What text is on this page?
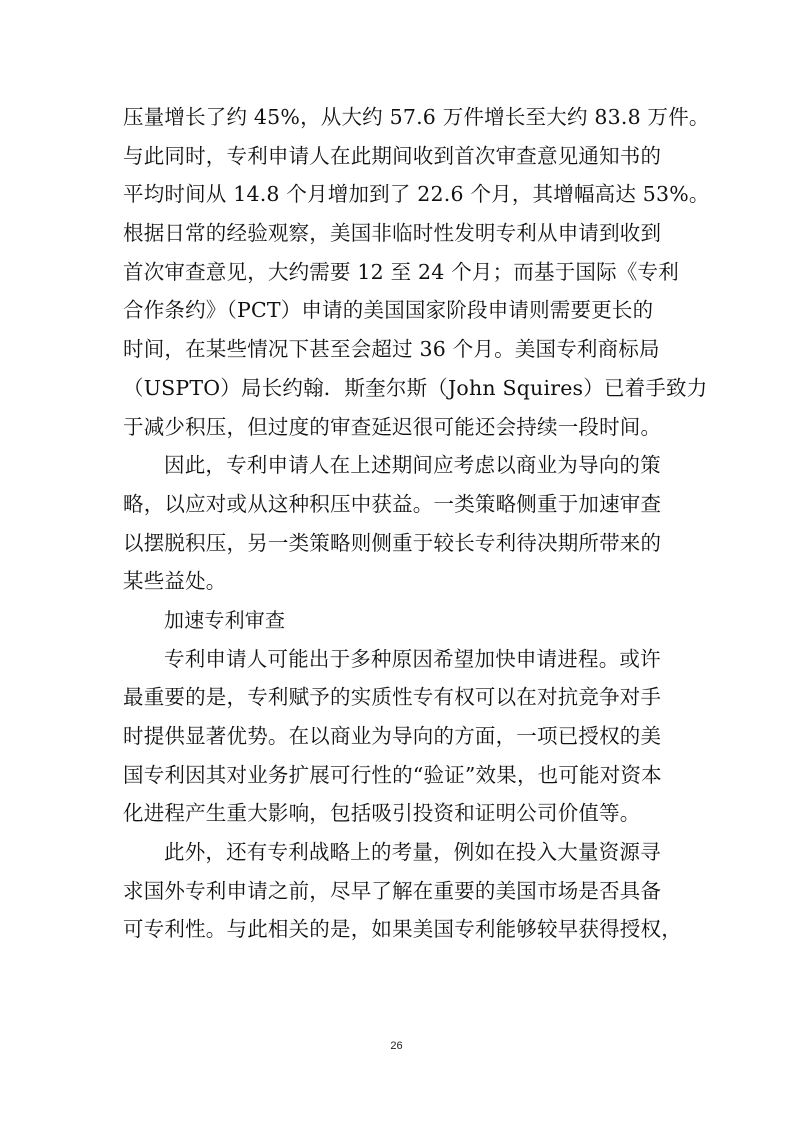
压量增长了约 45%，从大约 57.6 万件增长至大约 83.8 万件。
与此同时，专利申请人在此期间收到首次审查意见通知书的
平均时间从 14.8 个月增加到了 22.6 个月，其增幅高达 53%。
根据日常的经验观察，美国非临时性发明专利从申请到收到
首次审查意见，大约需要 12 至 24 个月；而基于国际《专利
合作条约》（PCT）申请的美国国家阶段申请则需要更长的
时间，在某些情况下甚至会超过 36 个月。美国专利商标局
（USPTO）局长约翰．斯奎尔斯（John Squires）已着手致力
于减少积压，但过度的审查延迟很可能还会持续一段时间。
因此，专利申请人在上述期间应考虑以商业为导向的策
略，以应对或从这种积压中获益。一类策略侧重于加速审查
以摆脱积压，另一类策略则侧重于较长专利待决期所带来的
某些益处。
加速专利审查
专利申请人可能出于多种原因希望加快申请进程。或许
最重要的是，专利赋予的实质性专有权可以在对抗竞争对手
时提供显著优势。在以商业为导向的方面，一项已授权的美
国专利因其对业务扩展可行性的“验证”效果，也可能对资本
化进程产生重大影响，包括吸引投资和证明公司价值等。
此外，还有专利战略上的考量，例如在投入大量资源寻
求国外专利申请之前，尽早了解在重要的美国市场是否具备
可专利性。与此相关的是，如果美国专利能够较早获得授权，
26
